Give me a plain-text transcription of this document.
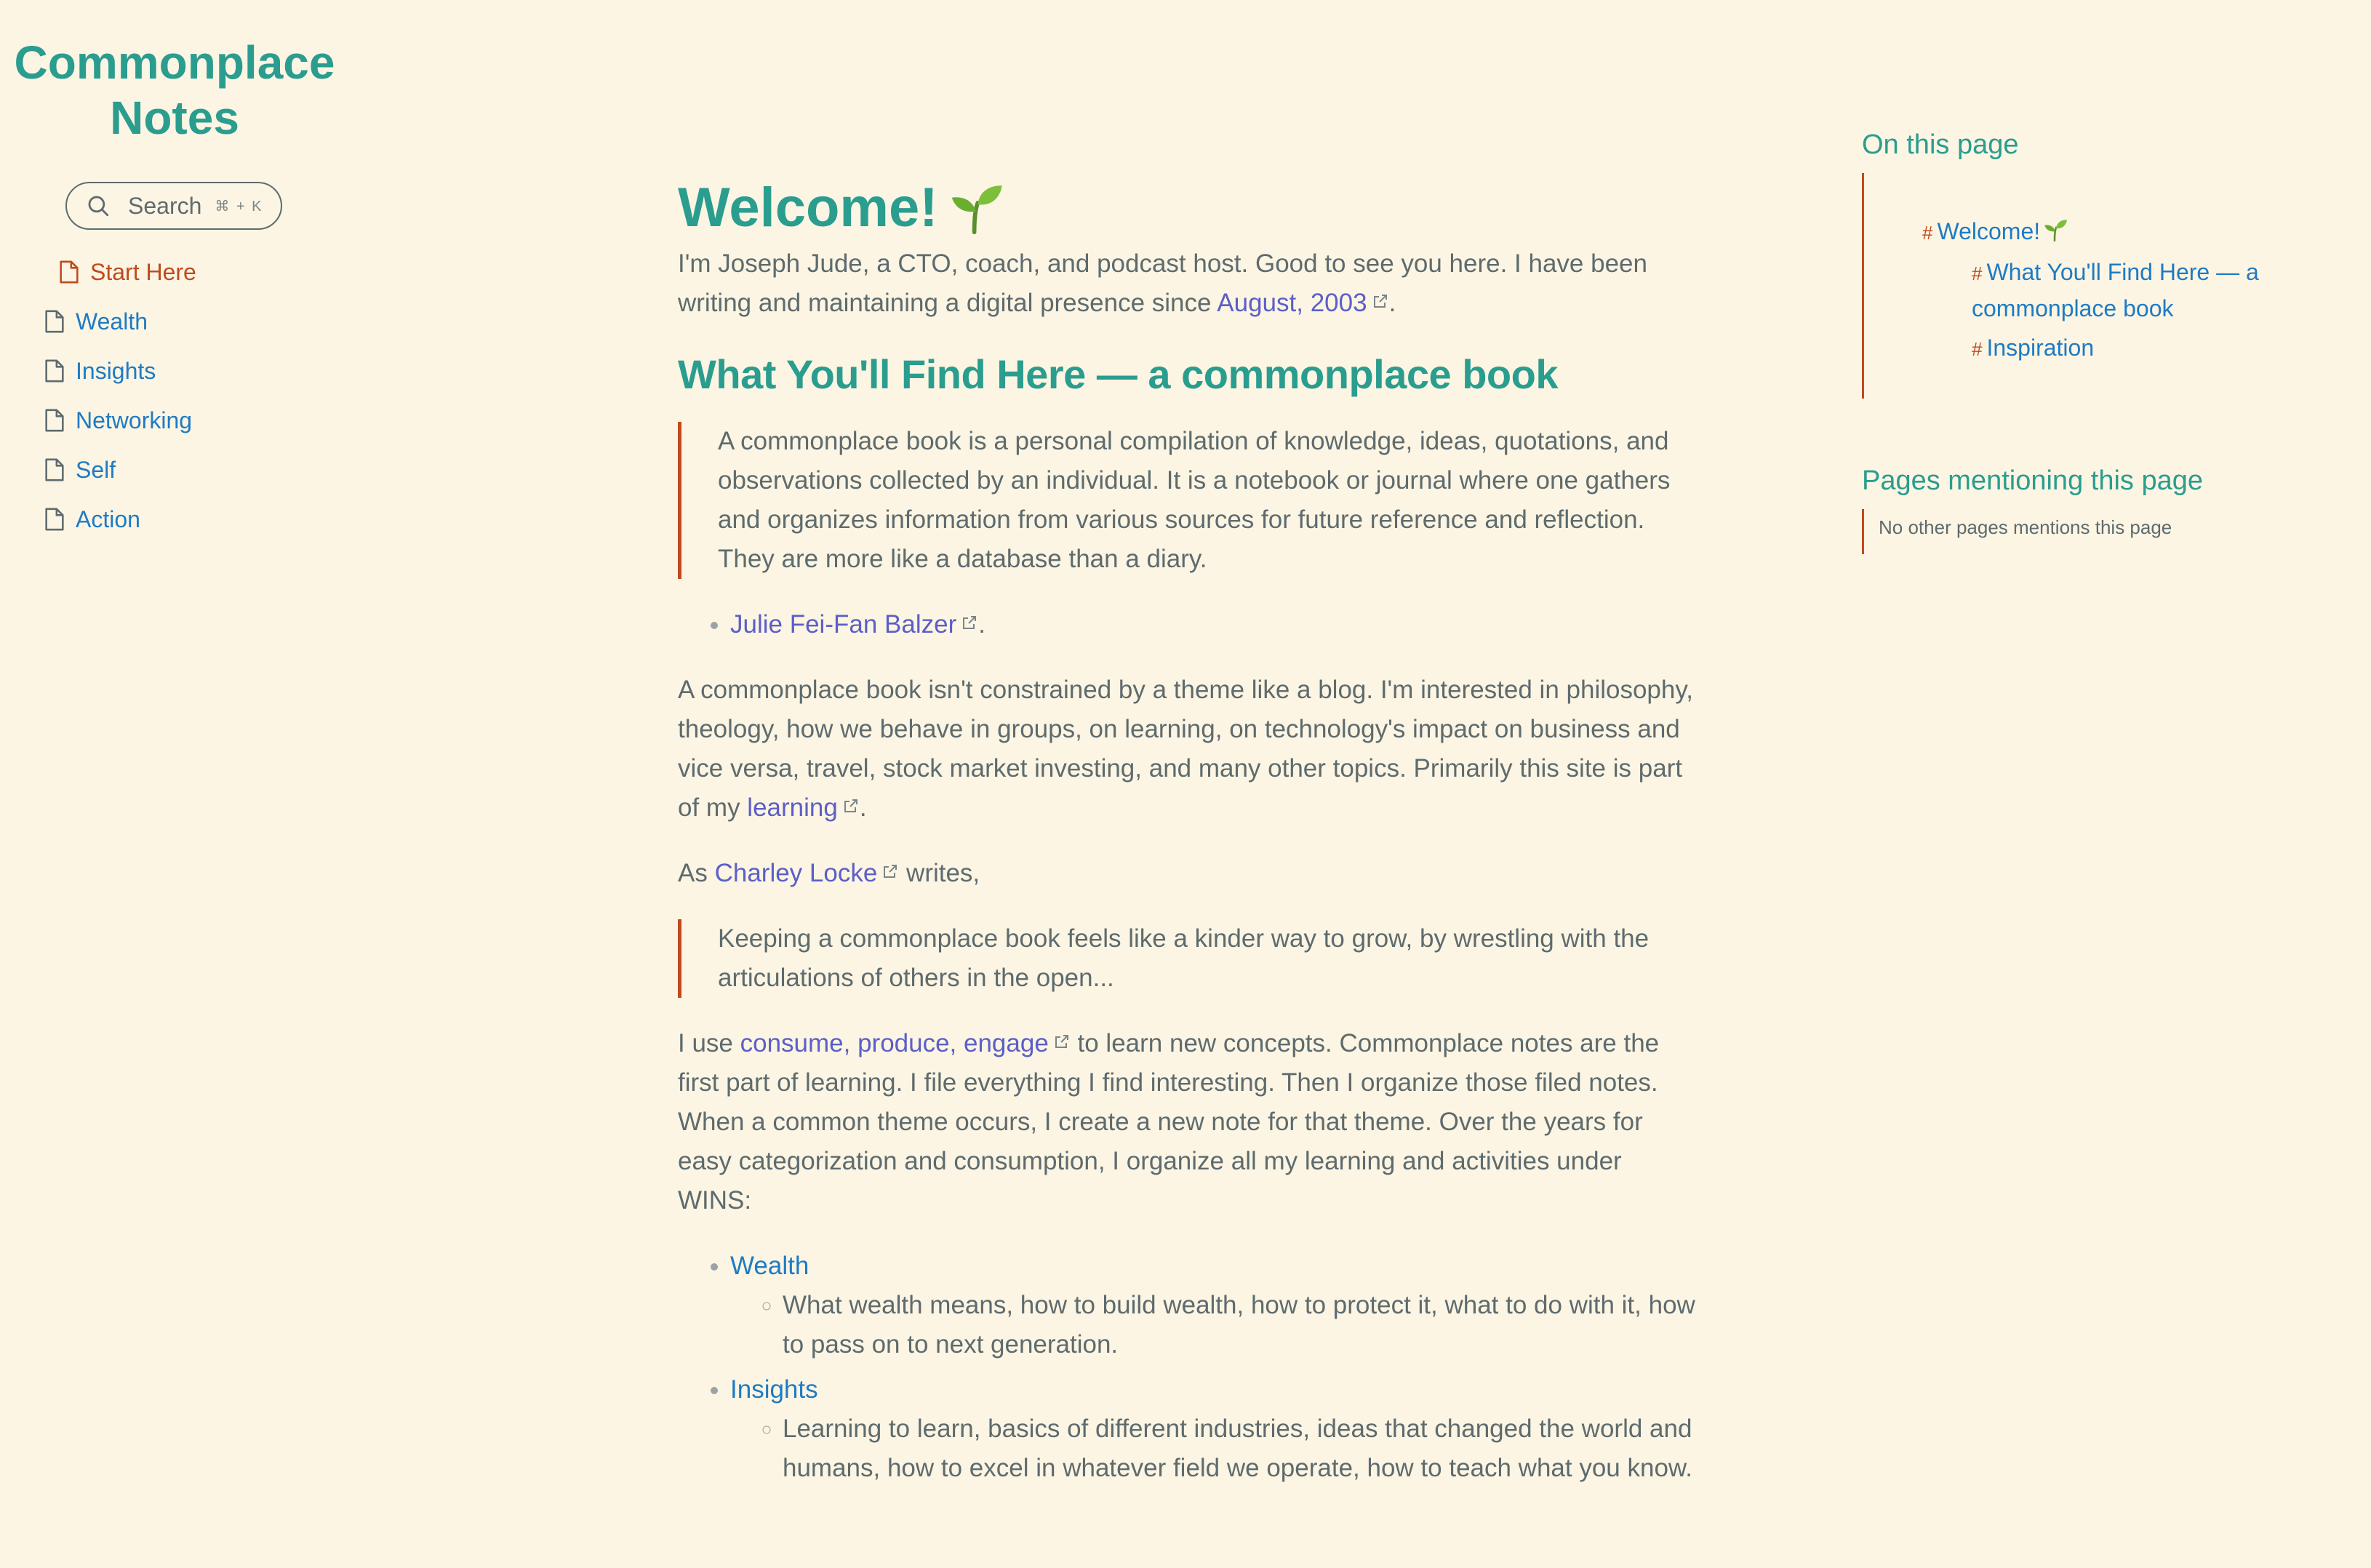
Commonplace
Notes
Search ⌘ + K
Start Here
Wealth
Insights
Networking
Self
Action
Welcome!

I'm Joseph Jude, a CTO, coach, and podcast host. Good to see you here. I have been writing and maintaining a digital presence since August, 2003 .

What You'll Find Here — a commonplace book
A commonplace book is a personal compilation of knowledge, ideas, quotations, and observations collected by an individual. It is a notebook or journal where one gathers and organizes information from various sources for future reference and reflection. They are more like a database than a diary.
• Julie Fei-Fan Balzer .

A commonplace book isn't constrained by a theme like a blog. I'm interested in philosophy, theology, how we behave in groups, on learning, on technology's impact on business and vice versa, travel, stock market investing, and many other topics. Primarily this site is part of my learning .

As Charley Locke writes,

Keeping a commonplace book feels like a kinder way to grow, by wrestling with the articulations of others in the open...

I use consume, produce, engage to learn new concepts. Commonplace notes are the first part of learning. I file everything I find interesting. Then I organize those filed notes. When a common theme occurs, I create a new note for that theme. Over the years for easy categorization and consumption, I organize all my learning and activities under WINS:

• Wealth
◦ What wealth means, how to build wealth, how to protect it, what to do with it, how to pass on to next generation.
• Insights
◦ Learning to learn, basics of different industries, ideas that changed the world and humans, how to excel in whatever field we operate, how to teach what you know.
On this page
# Welcome!
# What You'll Find Here — a commonplace book
# Inspiration
Pages mentioning this page
No other pages mentions this page
